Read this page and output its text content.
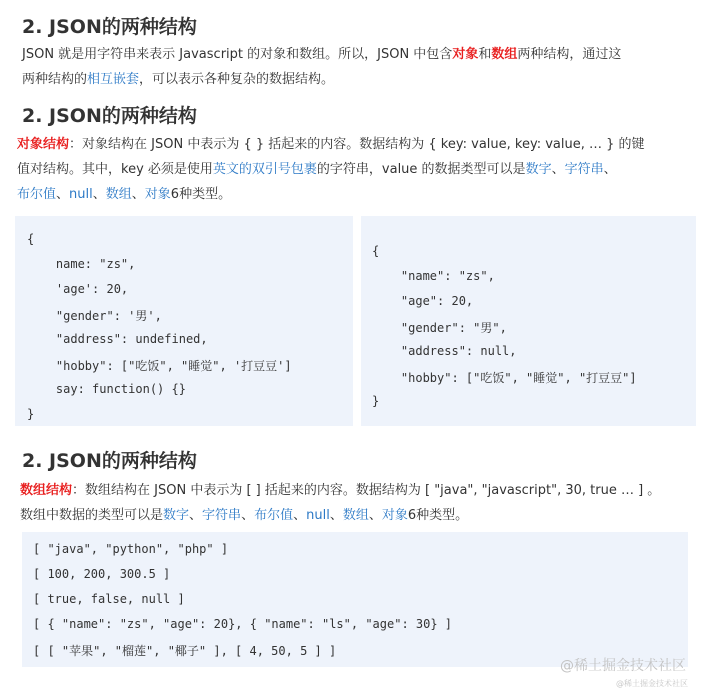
2. JSON的两种结构
JSON 就是用字符串来表示 Javascript 的对象和数组。所以，JSON 中包含对象和数组两种结构，通过这
两种结构的相互嵌套，可以表示各种复杂的数据结构。
2. JSON的两种结构
对象结构：对象结构在 JSON 中表示为 { } 括起来的内容。数据结构为 { key: value, key: value, … } 的键
值对结构。其中，key 必须是使用英文的双引号包裹的字符串，value 的数据类型可以是数字、字符串、
布尔值、null、数组、对象6种类型。
{
name: "zs",
'age': 20,
"gender": '男',
"address": undefined,
"hobby": ["吃饭", "睡觉", '打豆豆']
say: function() {}
}
{
"name": "zs",
"age": 20,
"gender": "男",
"address": null,
"hobby": ["吃饭", "睡觉", "打豆豆"]
}
2. JSON的两种结构
数组结构：数组结构在 JSON 中表示为 [ ] 括起来的内容。数据结构为 [ "java", "javascript", 30, true … ] 。
数组中数据的类型可以是数字、字符串、布尔值、null、数组、对象6种类型。
[ "java", "python", "php" ]
[ 100, 200, 300.5 ]
[ true, false, null ]
[ { "name": "zs", "age": 20}, { "name": "ls", "age": 30} ]
[ [ "苹果", "榴莲", "椰子" ], [ 4, 50, 5 ] ]
@稀土掘金技术社区
@稀土掘金技术社区
